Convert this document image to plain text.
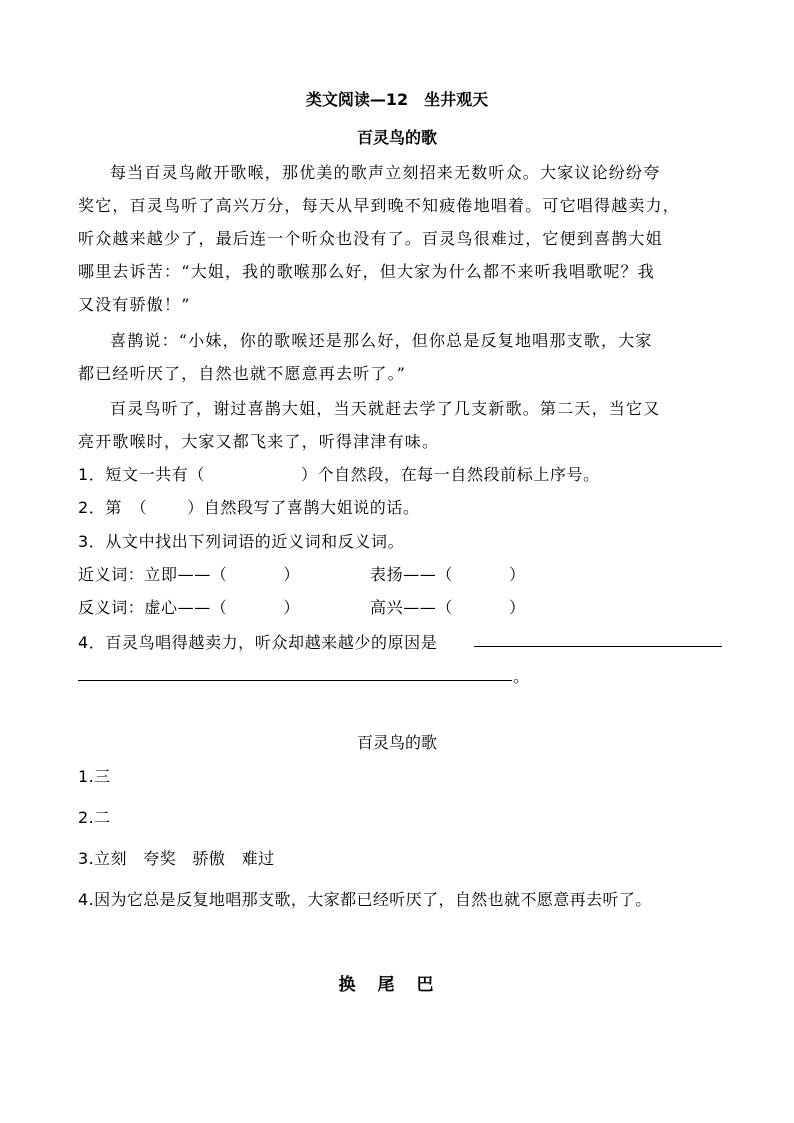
类文阅读—12　坐井观天
百灵鸟的歌
每当百灵鸟敞开歌喉，那优美的歌声立刻招来无数听众。大家议论纷纷夸
奖它，百灵鸟听了高兴万分，每天从早到晚不知疲倦地唱着。可它唱得越卖力，
听众越来越少了，最后连一个听众也没有了。百灵鸟很难过，它便到喜鹊大姐
哪里去诉苦：“大姐，我的歌喉那么好，但大家为什么都不来听我唱歌呢？我
又没有骄傲！”
喜鹊说：“小妹，你的歌喉还是那么好，但你总是反复地唱那支歌，大家
都已经听厌了，自然也就不愿意再去听了。”
百灵鸟听了，谢过喜鹊大姐，当天就赶去学了几支新歌。第二天，当它又
亮开歌喉时，大家又都飞来了，听得津津有味。
1．短文一共有（	）个自然段，在每一自然段前标上序号。
2．第　（	）自然段写了喜鹊大姐说的话。
3．从文中找出下列词语的近义词和反义词。
近义词：立即——（	）	表扬——（	）
反义词：虚心——（	）	高兴——（	）
4．百灵鸟唱得越卖力，听众却越来越少的原因是
。
百灵鸟的歌
1.三
2.二
3.立刻　夸奖　骄傲　难过
4.因为它总是反复地唱那支歌，大家都已经听厌了，自然也就不愿意再去听了。
换尾巴
